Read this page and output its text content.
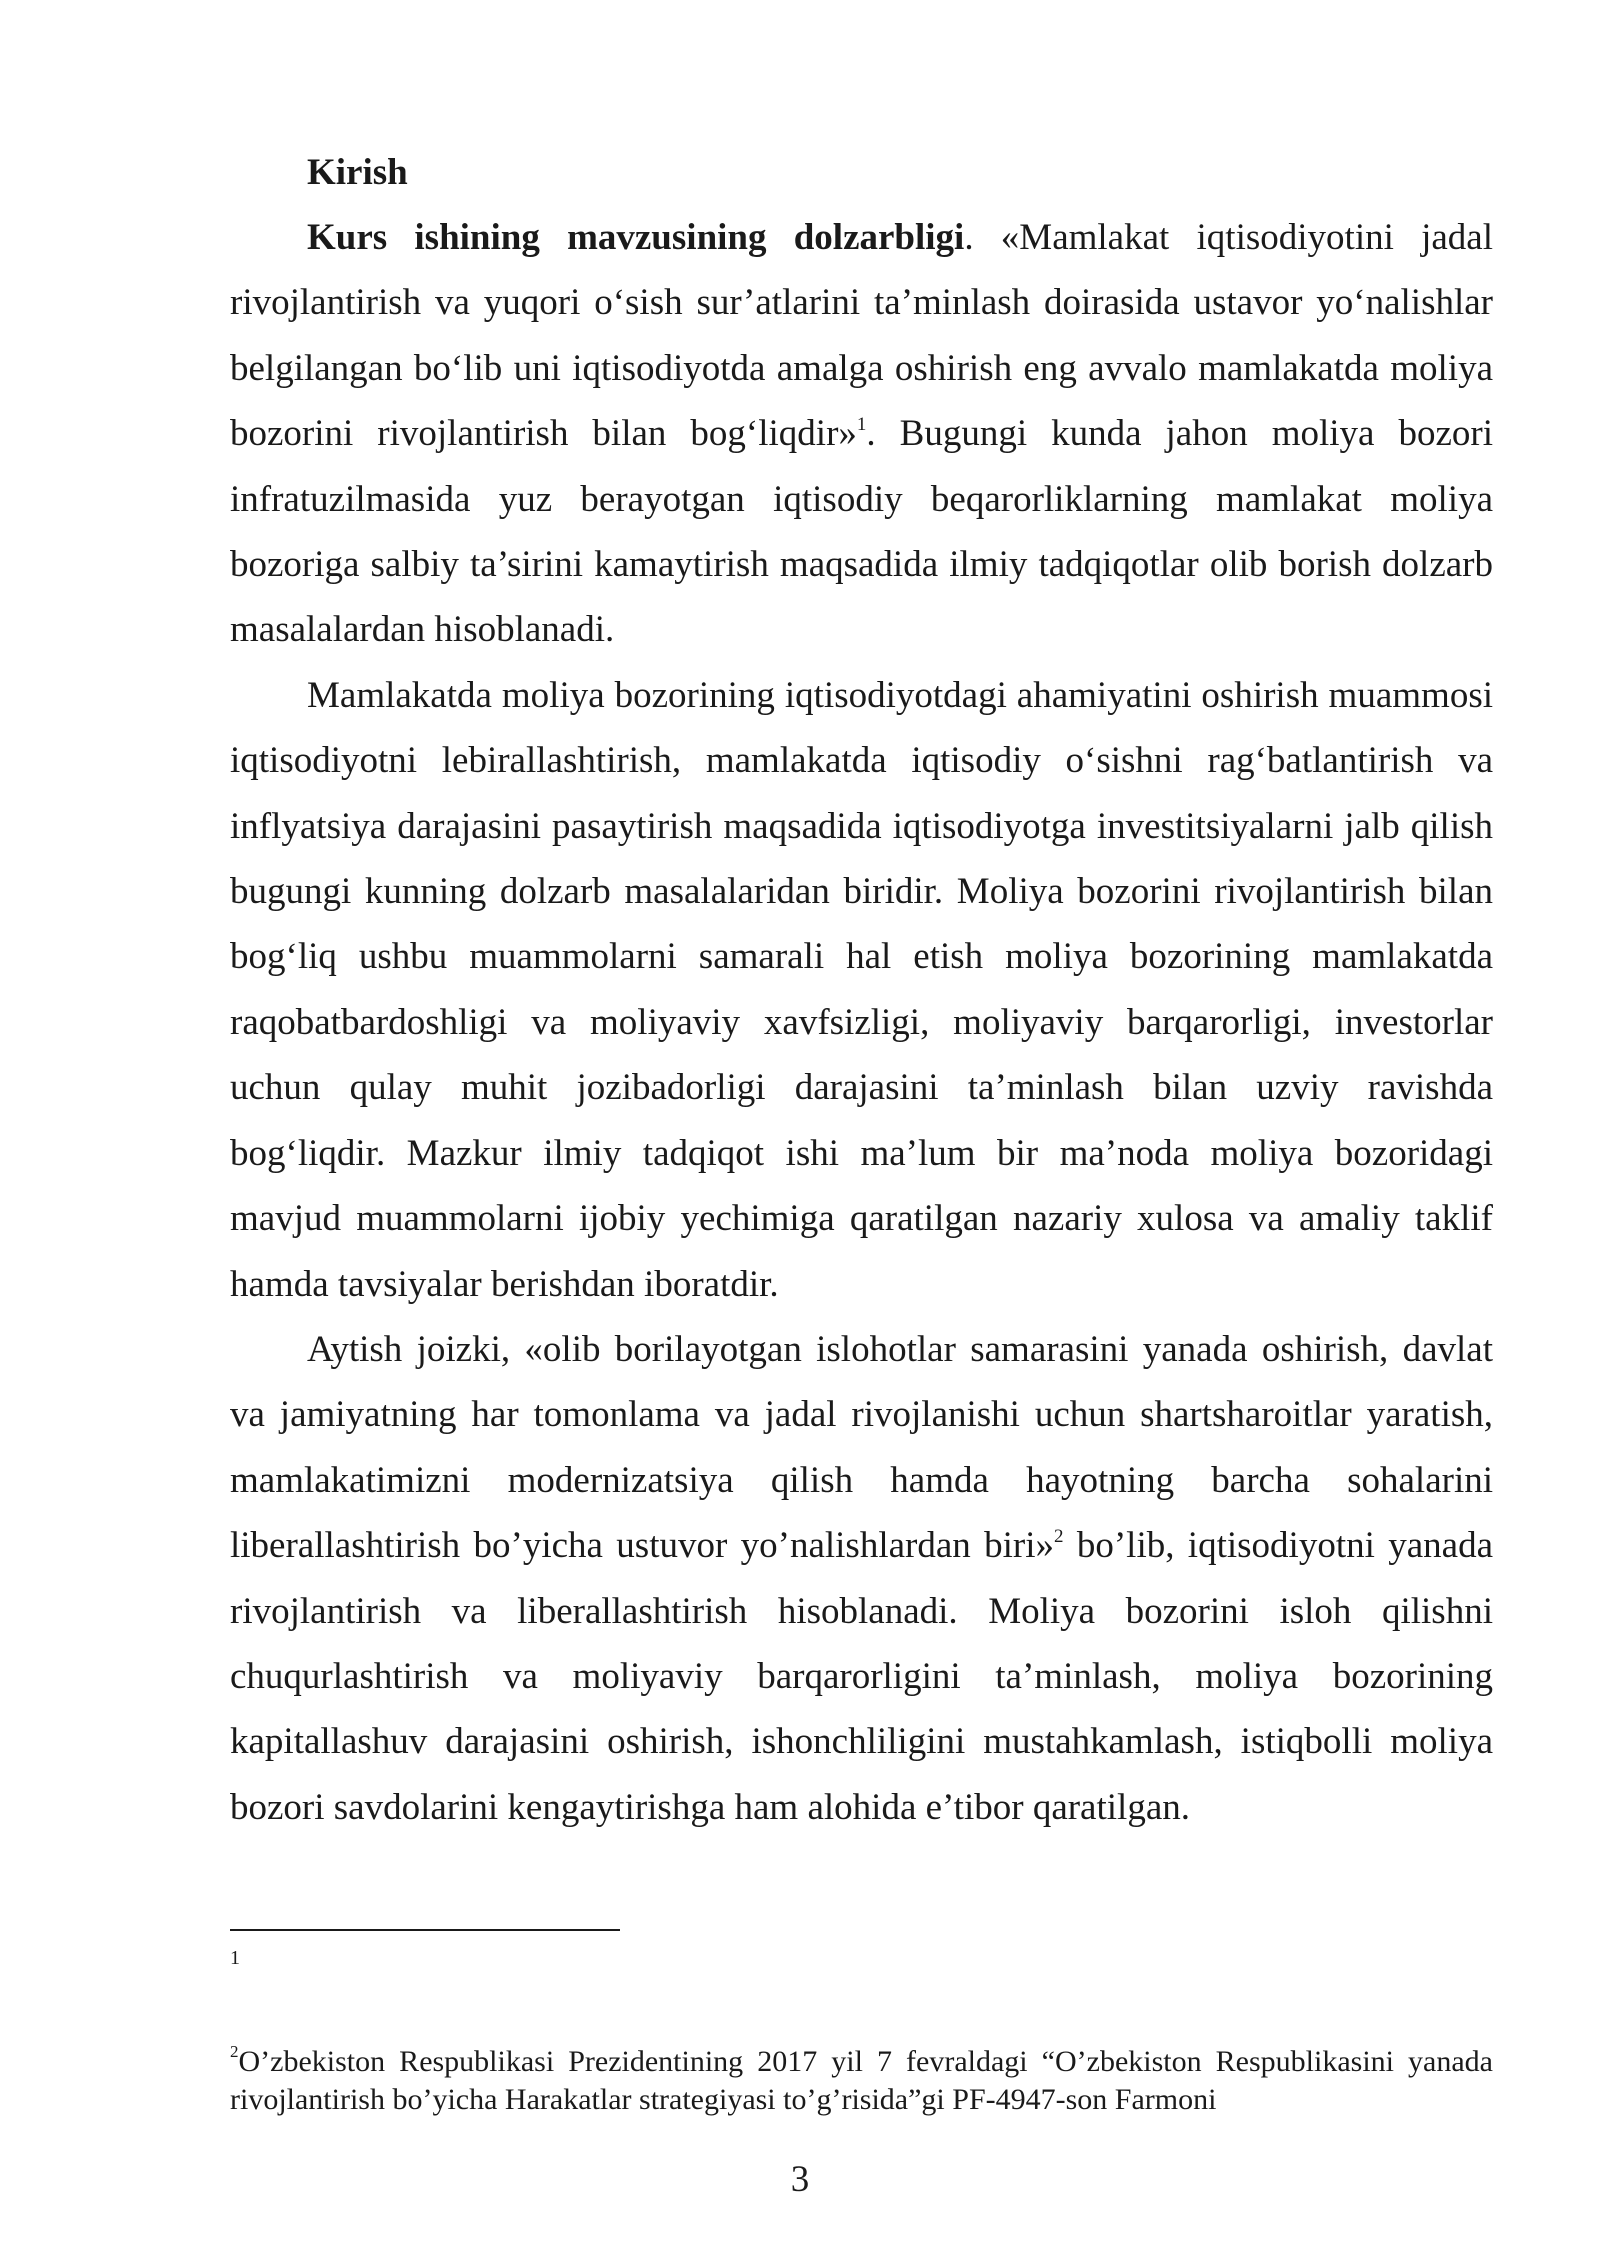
Kirish

Kurs ishining mavzusining dolzarbligi. «Mamlakat iqtisodiyotini jadal rivojlantirish va yuqori o‘sish sur’atlarini ta’minlash doirasida ustavor yo‘nalishlar belgilangan bo‘lib uni iqtisodiyotda amalga oshirish eng avvalo mamlakatda moliya bozorini rivojlantirish bilan bog‘liqdir»$^1$. Bugungi kunda jahon moliya bozori infratuzilmasida yuz berayotgan iqtisodiy beqarorliklarning mamlakat moliya bozoriga salbiy ta’sirini kamaytirish maqsadida ilmiy tadqiqotlar olib borish dolzarb masalalardan hisoblanadi.

Mamlakatda moliya bozorining iqtisodiyotdagi ahamiyatini oshirish muammosi iqtisodiyotni lebirallashtirish, mamlakatda iqtisodiy o‘sishni rag‘batlantirish va inflyatsiya darajasini pasaytirish maqsadida iqtisodiyotga investitsiyalarni jalb qilish bugungi kunning dolzarb masalalaridan biridir. Moliya bozorini rivojlantirish bilan bog‘liq ushbu muammolarni samarali hal etish moliya bozorining mamlakatda raqobatbardoshligi va moliyaviy xavfsizligi, moliyaviy barqarorligi, investorlar uchun qulay muhit jozibadorligi darajasini ta’minlash bilan uzviy ravishda bog‘liqdir. Mazkur ilmiy tadqiqot ishi ma’lum bir ma’noda moliya bozoridagi mavjud muammolarni ijobiy yechimiga qaratilgan nazariy xulosa va amaliy taklif hamda tavsiyalar berishdan iboratdir.

Aytish joizki, «olib borilayotgan islohotlar samarasini yanada oshirish, davlat va jamiyatning har tomonlama va jadal rivojlanishi uchun shartsharoitlar yaratish, mamlakatimizni modernizatsiya qilish hamda hayotning barcha sohalarini liberallashtirish bo’yicha ustuvor yo’nalishlardan biri»$^2$ bo’lib, iqtisodiyotni yanada rivojlantirish va liberallashtirish hisoblanadi. Moliya bozorini isloh qilishni chuqurlashtirish va moliyaviy barqarorligini ta’minlash, moliya bozorining kapitallashuv darajasini oshirish, ishonchliligini mustahkamlash, istiqbolli moliya bozori savdolarini kengaytirishga ham alohida e’tibor qaratilgan.

1
$^2$O’zbekiston Respublikasi Prezidentining 2017 yil 7 fevraldagi “O’zbekiston Respublikasini yanada rivojlantirish bo’yicha Harakatlar strategiyasi to’g’risida”gi PF-4947-son Farmoni
3
